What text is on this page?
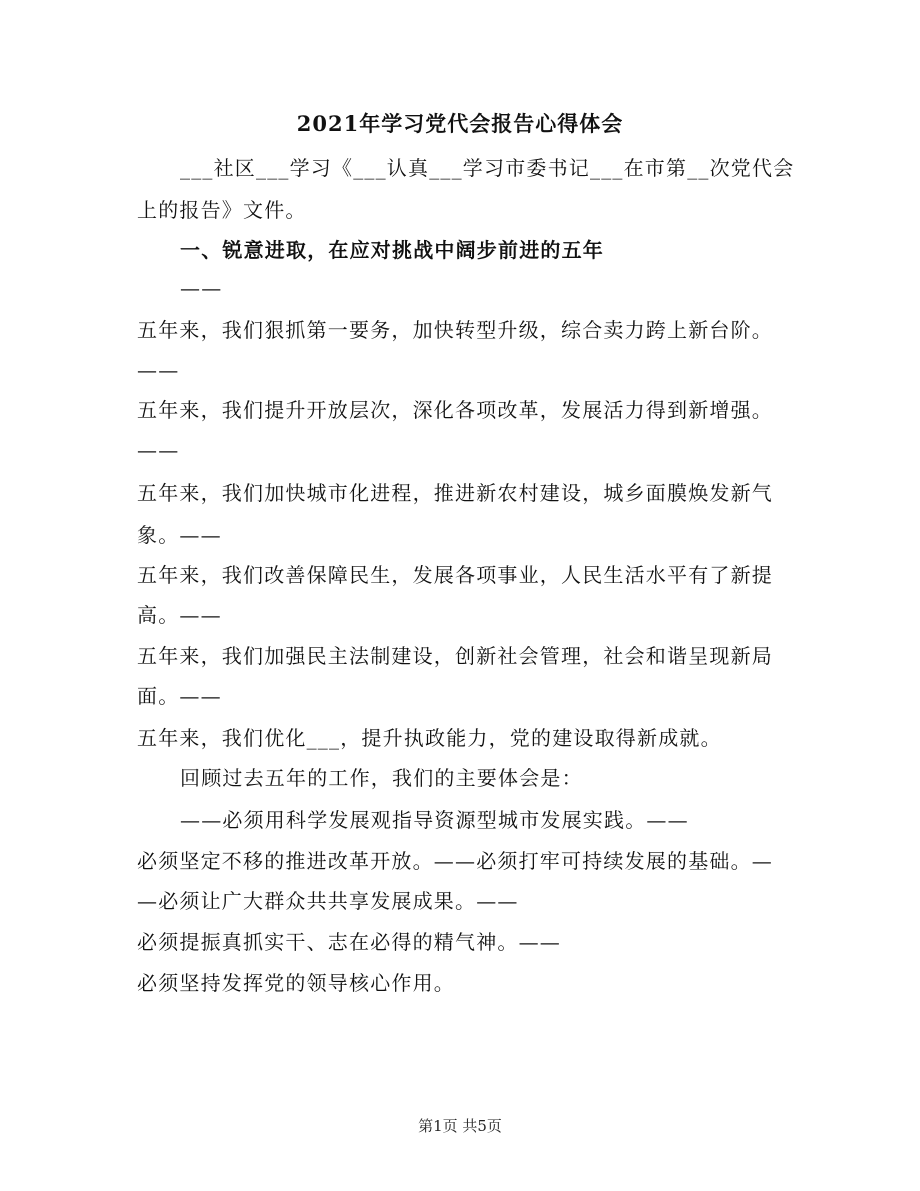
2021年学习党代会报告心得体会
___社区___学习《___认真___学习市委书记___在市第__次党代会
上的报告》文件。
一、锐意进取，在应对挑战中阔步前进的五年
——
五年来，我们狠抓第一要务，加快转型升级，综合卖力跨上新台阶。
——
五年来，我们提升开放层次，深化各项改革，发展活力得到新增强。
——
五年来，我们加快城市化进程，推进新农村建设，城乡面膜焕发新气
象。——
五年来，我们改善保障民生，发展各项事业，人民生活水平有了新提
高。——
五年来，我们加强民主法制建设，创新社会管理，社会和谐呈现新局
面。——
五年来，我们优化___，提升执政能力，党的建设取得新成就。
回顾过去五年的工作，我们的主要体会是：
——必须用科学发展观指导资源型城市发展实践。——
必须坚定不移的推进改革开放。——必须打牢可持续发展的基础。—
—必须让广大群众共共享发展成果。——
必须提振真抓实干、志在必得的精气神。——
必须坚持发挥党的领导核心作用。
第1页 共5页
